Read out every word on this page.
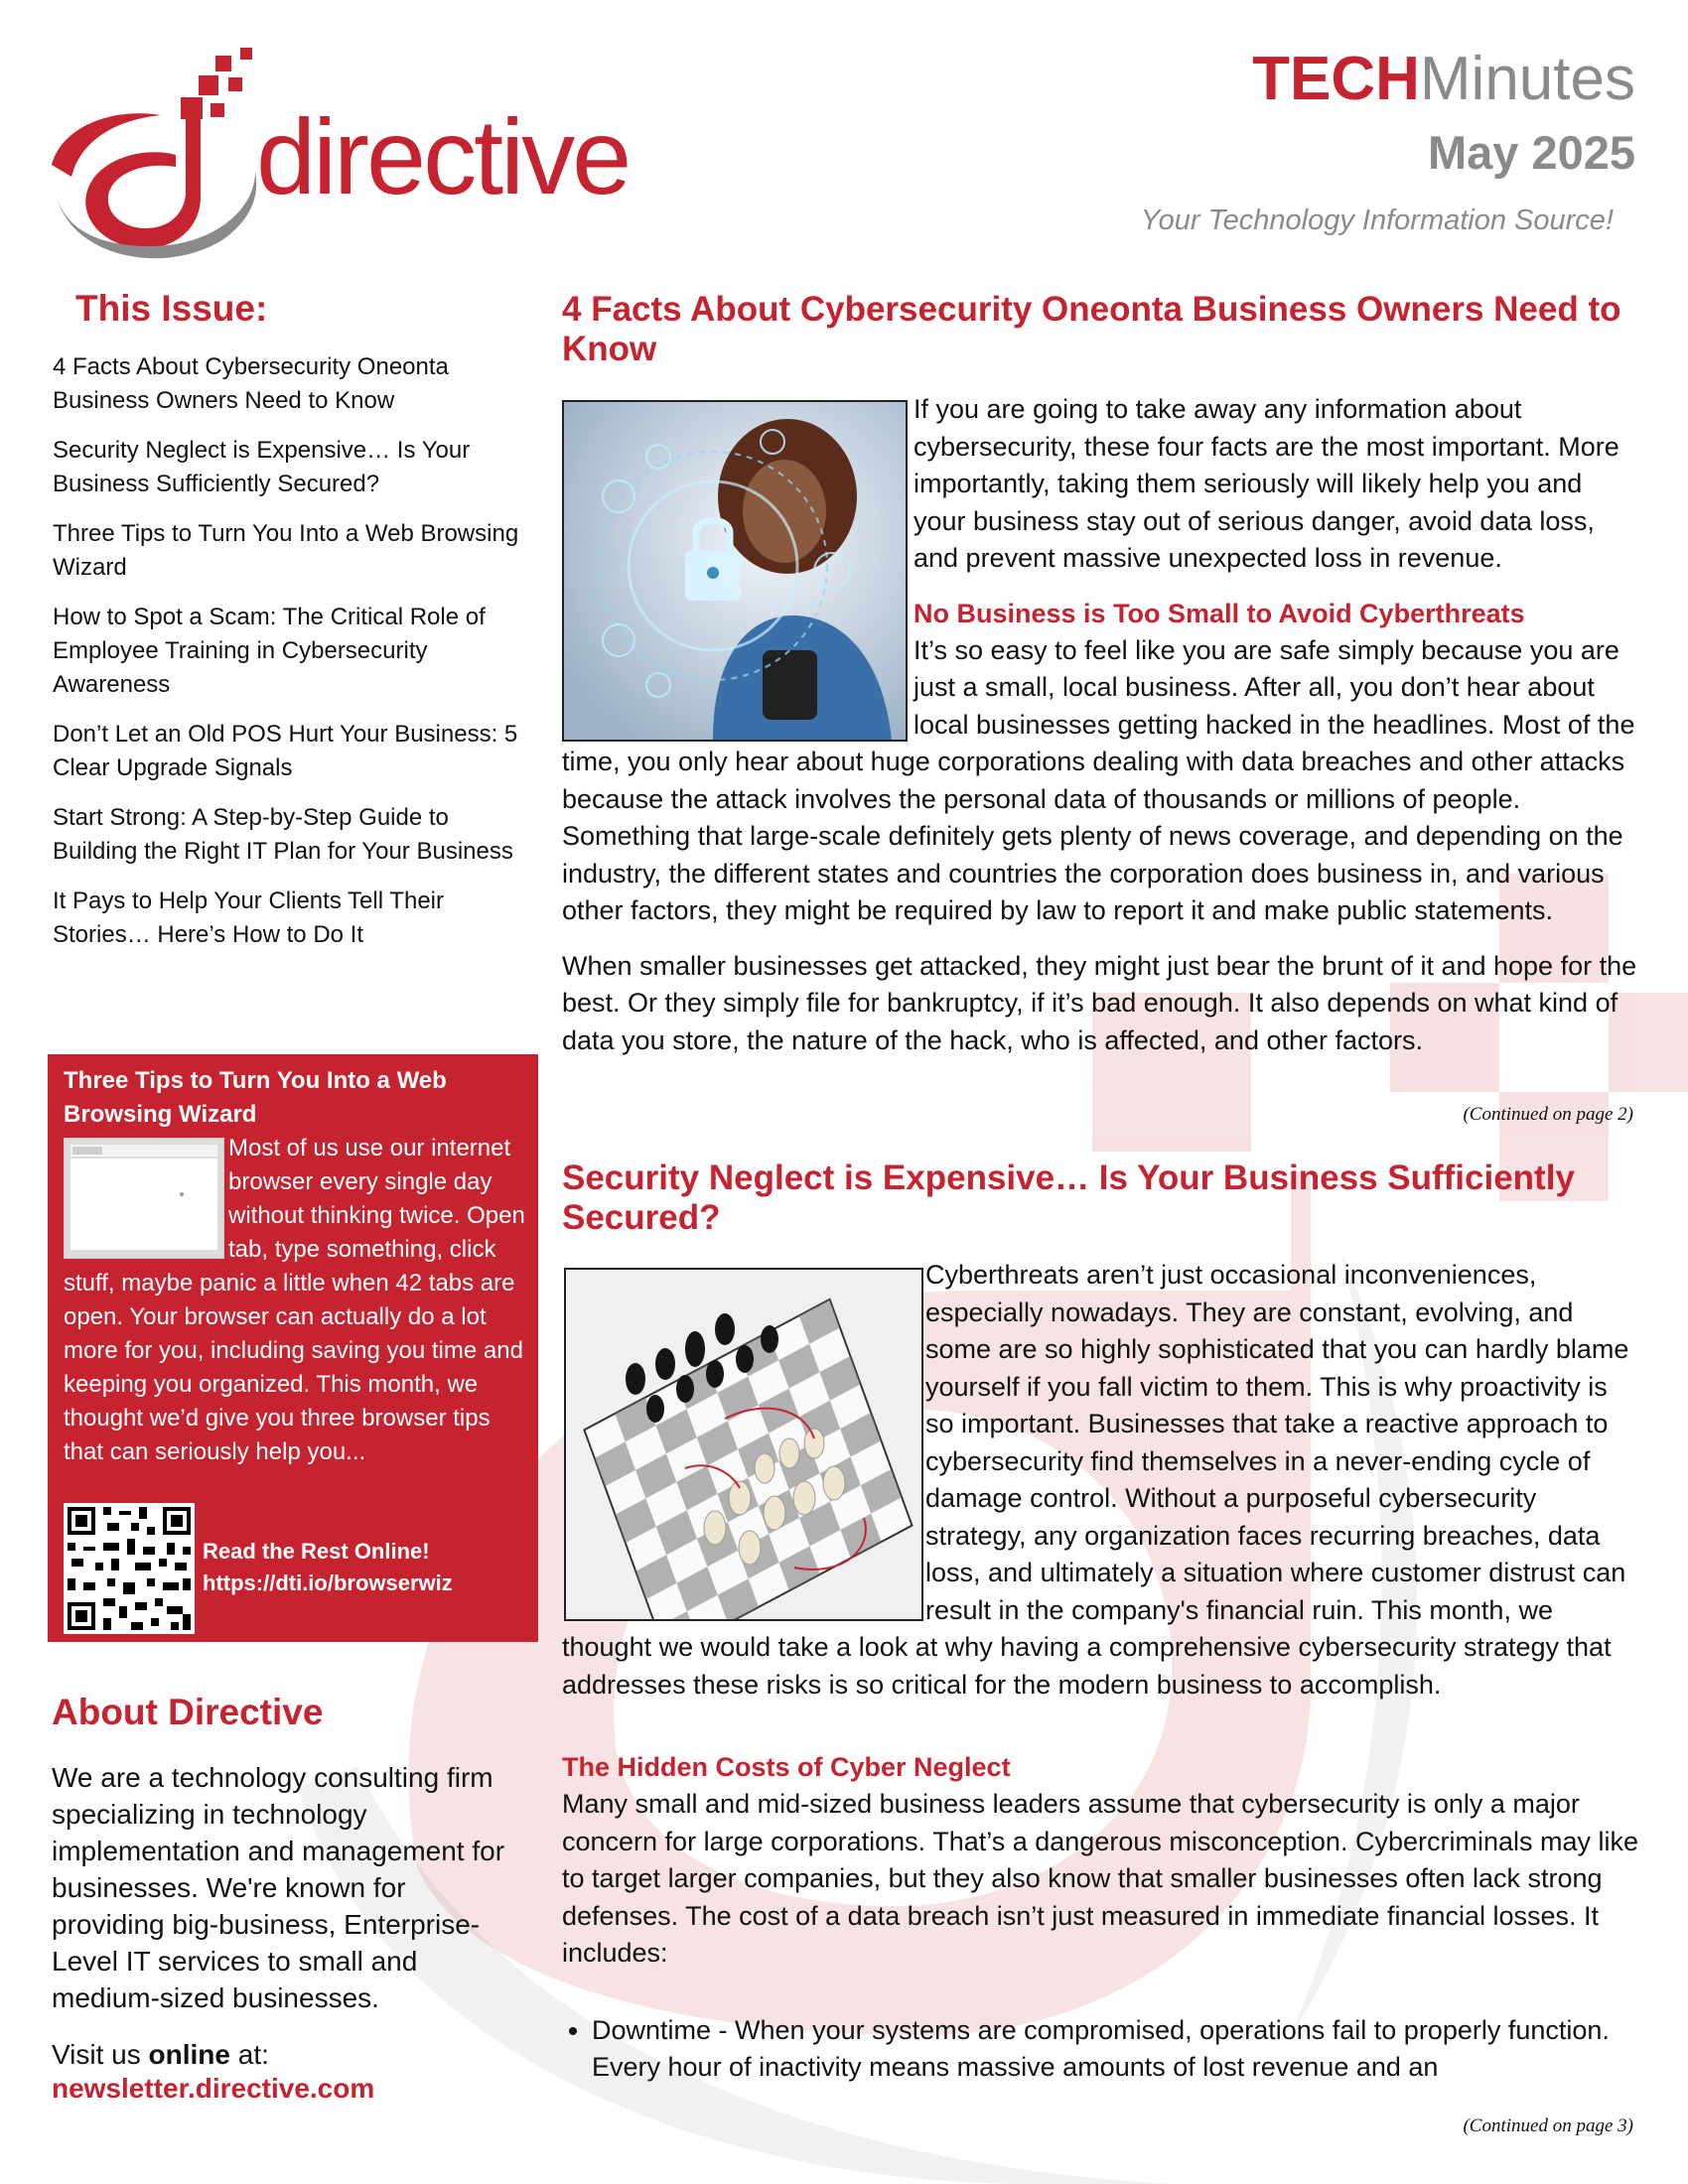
directive
TECHMinutes
May 2025
Your Technology Information Source!
This Issue:
4 Facts About Cybersecurity Oneonta Business Owners Need to Know
Security Neglect is Expensive… Is Your Business Sufficiently Secured?
Three Tips to Turn You Into a Web Browsing Wizard
How to Spot a Scam: The Critical Role of Employee Training in Cybersecurity Awareness
Don’t Let an Old POS Hurt Your Business: 5 Clear Upgrade Signals
Start Strong: A Step-by-Step Guide to Building the Right IT Plan for Your Business
It Pays to Help Your Clients Tell Their Stories… Here’s How to Do It
Three Tips to Turn You Into a Web Browsing Wizard

Most of us use our internet browser every single day without thinking twice. Open tab, type something, click stuff, maybe panic a little when 42 tabs are open. Your browser can actually do a lot more for you, including saving you time and keeping you organized. This month, we thought we’d give you three browser tips that can seriously help you...

Read the Rest Online!
https://dti.io/browserwiz
About Directive

We are a technology consulting firm specializing in technology implementation and management for businesses. We're known for providing big-business, Enterprise-Level IT services to small and medium-sized businesses.

Visit us online at:
newsletter.directive.com
4 Facts About Cybersecurity Oneonta Business Owners Need to Know

If you are going to take away any information about cybersecurity, these four facts are the most important. More importantly, taking them seriously will likely help you and your business stay out of serious danger, avoid data loss, and prevent massive unexpected loss in revenue.

No Business is Too Small to Avoid Cyberthreats

It’s so easy to feel like you are safe simply because you are just a small, local business. After all, you don’t hear about local businesses getting hacked in the headlines. Most of the time, you only hear about huge corporations dealing with data breaches and other attacks because the attack involves the personal data of thousands or millions of people. Something that large-scale definitely gets plenty of news coverage, and depending on the industry, the different states and countries the corporation does business in, and various other factors, they might be required by law to report it and make public statements.

When smaller businesses get attacked, they might just bear the brunt of it and hope for the best. Or they simply file for bankruptcy, if it’s bad enough. It also depends on what kind of data you store, the nature of the hack, who is affected, and other factors.

(Continued on page 2)
Security Neglect is Expensive… Is Your Business Sufficiently Secured?

Cyberthreats aren’t just occasional inconveniences, especially nowadays. They are constant, evolving, and some are so highly sophisticated that you can hardly blame yourself if you fall victim to them. This is why proactivity is so important. Businesses that take a reactive approach to cybersecurity find themselves in a never-ending cycle of damage control. Without a purposeful cybersecurity strategy, any organization faces recurring breaches, data loss, and ultimately a situation where customer distrust can result in the company's financial ruin. This month, we thought we would take a look at why having a comprehensive cybersecurity strategy that addresses these risks is so critical for the modern business to accomplish.

The Hidden Costs of Cyber Neglect

Many small and mid-sized business leaders assume that cybersecurity is only a major concern for large corporations. That’s a dangerous misconception. Cybercriminals may like to target larger companies, but they also know that smaller businesses often lack strong defenses. The cost of a data breach isn’t just measured in immediate financial losses. It includes:

• Downtime - When your systems are compromised, operations fail to properly function. Every hour of inactivity means massive amounts of lost revenue and an
(Continued on page 3)
